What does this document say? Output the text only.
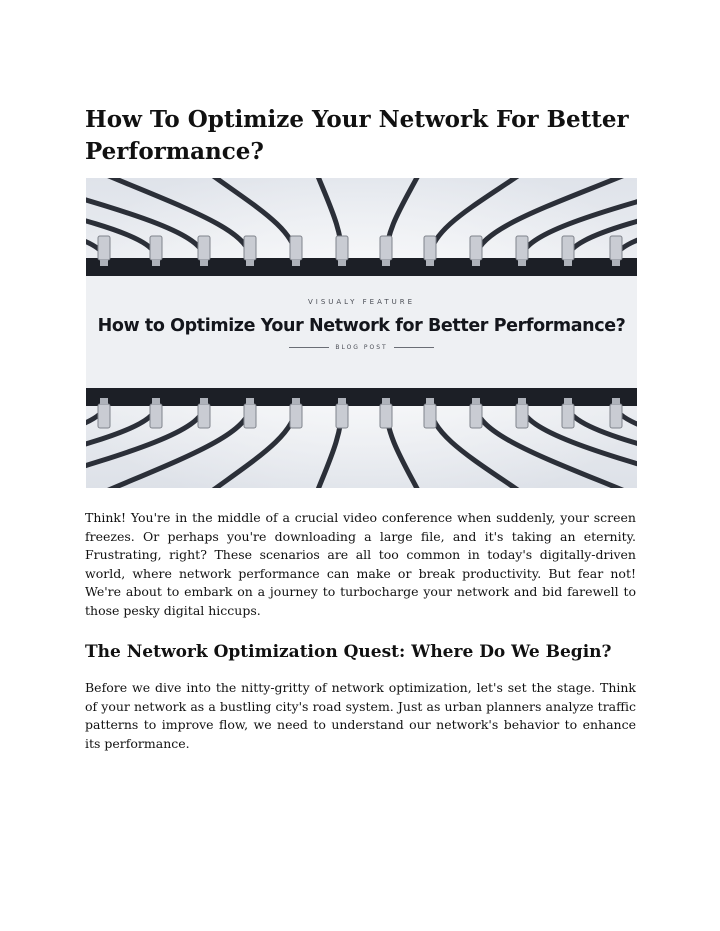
How To Optimize Your Network For Better Performance?
VISUALY FEATURE
How to Optimize Your Network for Better Performance?
BLOG POST

Think! You're in the middle of a crucial video conference when suddenly, your screen freezes. Or perhaps you're downloading a large file, and it's taking an eternity. Frustrating, right? These scenarios are all too common in today's digitally-driven world, where network performance can make or break productivity. But fear not! We're about to embark on a journey to turbocharge your network and bid farewell to those pesky digital hiccups.

The Network Optimization Quest: Where Do We Begin?

Before we dive into the nitty-gritty of network optimization, let's set the stage. Think of your network as a bustling city's road system. Just as urban planners analyze traffic patterns to improve flow, we need to understand our network's behavior to enhance its performance.
